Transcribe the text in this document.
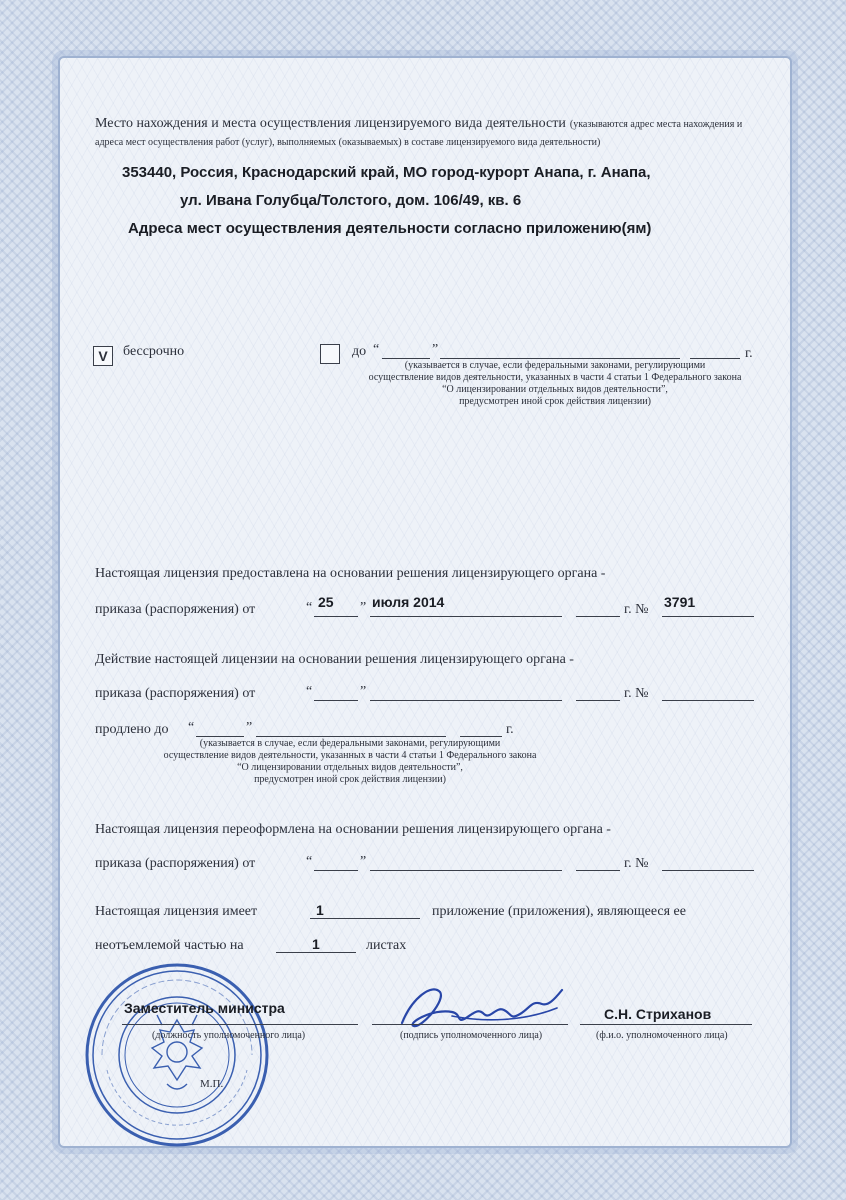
Место нахождения и места осуществления лицензируемого вида деятельности (указываются адрес места нахождения и адреса мест осуществления работ (услуг), выполняемых (оказываемых) в составе лицензируемого вида деятельности)
353440, Россия, Краснодарский край, МО город-курорт Анапа, г. Анапа,
ул. Ивана Голубца/Толстого, дом. 106/49, кв. 6
Адреса мест осуществления деятельности согласно приложению(ям)
V бессрочно	до “	”	г.
(указывается в случае, если федеральными законами, регулирующими
осуществление видов деятельности, указанных в части 4 статьи 1 Федерального закона
“О лицензировании отдельных видов деятельности”,
предусмотрен иной срок действия лицензии)
Настоящая лицензия предоставлена на основании решения лицензирующего органа -
приказа (распоряжения) от	“ 25 ” июля 2014	г. № 3791
Действие настоящей лицензии на основании решения лицензирующего органа -
приказа (распоряжения) от	“	”	г. №
продлено до “	”	г.
(указывается в случае, если федеральными законами, регулирующими
осуществление видов деятельности, указанных в части 4 статьи 1 Федерального закона
“О лицензировании отдельных видов деятельности”,
предусмотрен иной срок действия лицензии)
Настоящая лицензия переоформлена на основании решения лицензирующего органа -
приказа (распоряжения) от	“	”	г. №
Настоящая лицензия имеет	1	приложение (приложения), являющееся ее
неотъемлемой частью на	1	листах
Заместитель министра
(должность уполномоченного лица)	(подпись уполномоченного лица)
С.Н. Стриханов
(ф.и.о. уполномоченного лица)
М.П.
